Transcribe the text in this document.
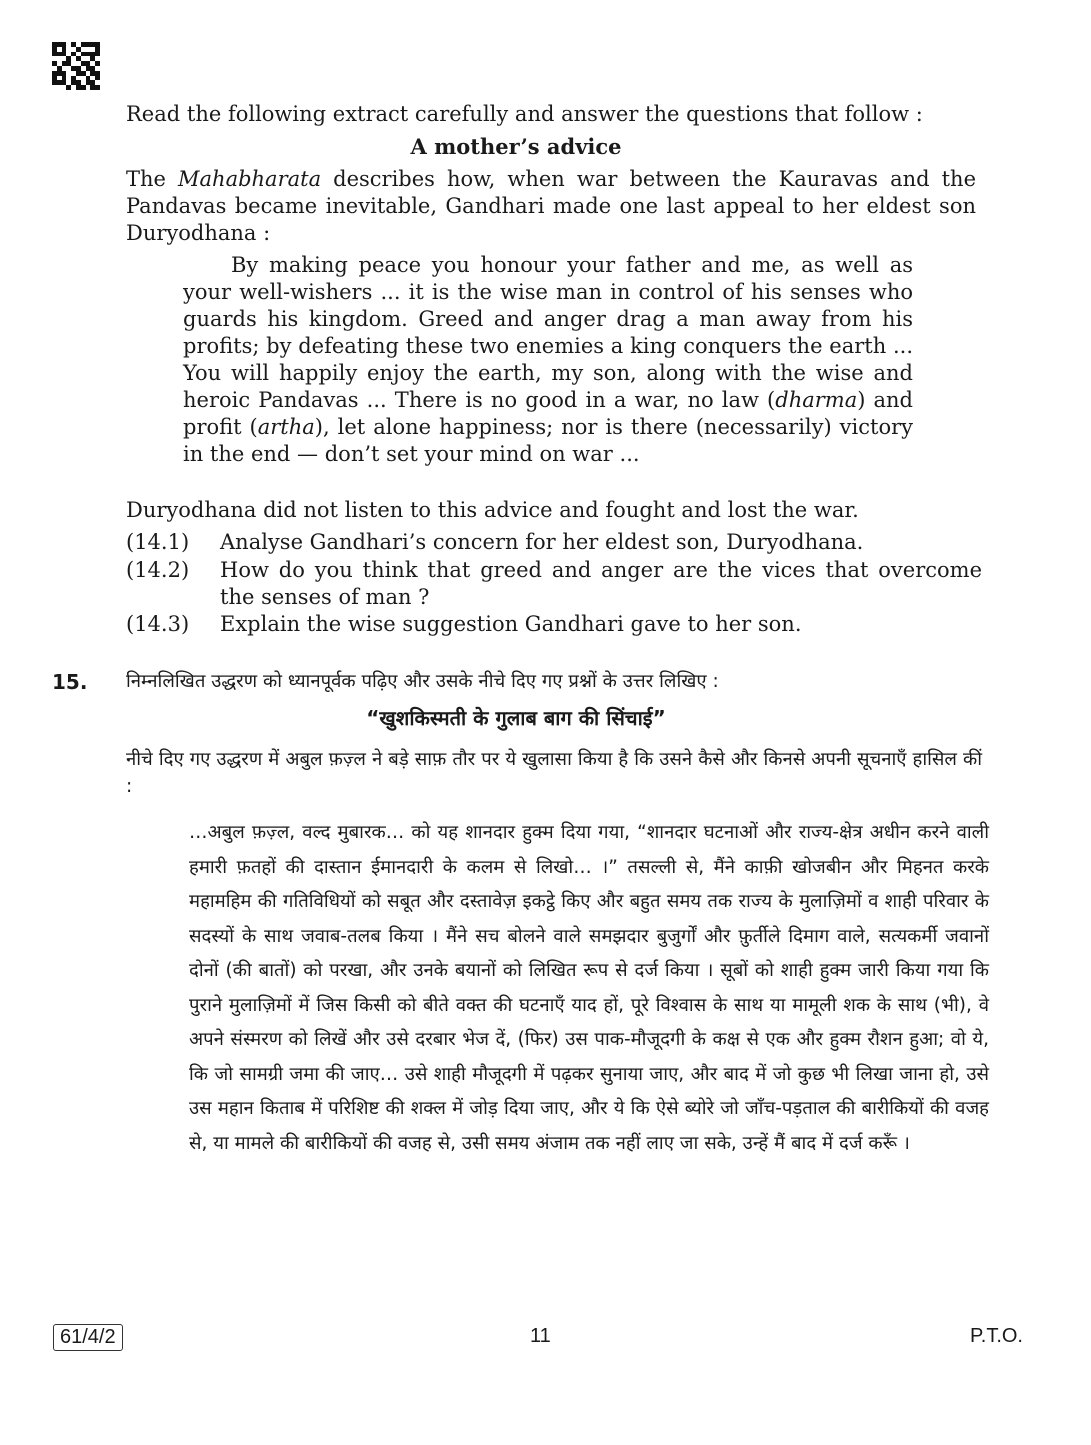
Read the following extract carefully and answer the questions that follow :
A mother’s advice
The Mahabharata describes how, when war between the Kauravas and the Pandavas became inevitable, Gandhari made one last appeal to her eldest son Duryodhana :
By making peace you honour your father and me, as well as your well-wishers ... it is the wise man in control of his senses who guards his kingdom. Greed and anger drag a man away from his profits; by defeating these two enemies a king conquers the earth ... You will happily enjoy the earth, my son, along with the wise and heroic Pandavas ... There is no good in a war, no law (dharma) and profit (artha), let alone happiness; nor is there (necessarily) victory in the end — don’t set your mind on war ...
Duryodhana did not listen to this advice and fought and lost the war.
(14.1)	Analyse Gandhari’s concern for her eldest son, Duryodhana.
(14.2)	How do you think that greed and anger are the vices that overcome the senses of man ?
(14.3)	Explain the wise suggestion Gandhari gave to her son.
15. निम्नलिखित उद्धरण को ध्यानपूर्वक पढ़िए और उसके नीचे दिए गए प्रश्नों के उत्तर लिखिए :
“खुशकिस्मती के गुलाब बाग की सिंचाई”
नीचे दिए गए उद्धरण में अबुल फ़ज़्ल ने बड़े साफ़ तौर पर ये खुलासा किया है कि उसने कैसे और किनसे अपनी सूचनाएँ हासिल कीं :
…अबुल फ़ज़्ल, वल्द मुबारक… को यह शानदार हुक्म दिया गया, “शानदार घटनाओं और राज्य-क्षेत्र अधीन करने वाली हमारी फ़तहों की दास्तान ईमानदारी के कलम से लिखो… ।” तसल्ली से, मैंने काफ़ी खोजबीन और मिहनत करके महामहिम की गतिविधियों को सबूत और दस्तावेज़ इकट्ठे किए और बहुत समय तक राज्य के मुलाज़िमों व शाही परिवार के सदस्यों के साथ जवाब-तलब किया । मैंने सच बोलने वाले समझदार बुजुर्गों और फ़ुर्तीले दिमाग वाले, सत्यकर्मी जवानों दोनों (की बातों) को परखा, और उनके बयानों को लिखित रूप से दर्ज किया । सूबों को शाही हुक्म जारी किया गया कि पुराने मुलाज़िमों में जिस किसी को बीते वक्त की घटनाएँ याद हों, पूरे विश्वास के साथ या मामूली शक के साथ (भी), वे अपने संस्मरण को लिखें और उसे दरबार भेज दें, (फिर) उस पाक-मौजूदगी के कक्ष से एक और हुक्म रौशन हुआ; वो ये, कि जो सामग्री जमा की जाए… उसे शाही मौजूदगी में पढ़कर सुनाया जाए, और बाद में जो कुछ भी लिखा जाना हो, उसे उस महान किताब में परिशिष्ट की शक्ल में जोड़ दिया जाए, और ये कि ऐसे ब्योरे जो जाँच-पड़ताल की बारीकियों की वजह से, या मामले की बारीकियों की वजह से, उसी समय अंजाम तक नहीं लाए जा सके, उन्हें मैं बाद में दर्ज करूँ ।
61/4/2	11	P.T.O.
